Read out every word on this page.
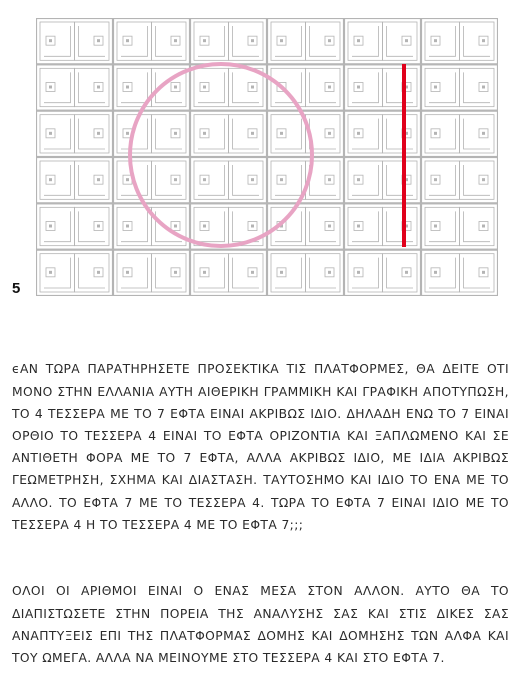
5

ϵΑΝ ΤΩΡΑ ΠΑΡΑΤΗΡΗΣΕΤΕ ΠΡΟΣΕΚΤΙΚΑ ΤΙΣ ΠΛΑΤΦΟΡΜΕΣ, ΘΑ ΔΕΙΤΕ ΟΤΙ ΜΟΝΟ ΣΤΗΝ ΕΛΛΑΝΙΑ ΑΥΤΗ ΑΙΘΕΡΙΚΗ ΓΡΑΜΜΙΚΗ ΚΑΙ ΓΡΑΦΙΚΗ ΑΠΟΤΥΠΩΣΗ, ΤΟ 4 ΤΕΣΣΕΡΑ ΜΕ ΤΟ 7 ΕΦΤΑ ΕΙΝΑΙ ΑΚΡΙΒΩΣ ΙΔΙΟ. ΔΗΛΑΔΗ ΕΝΩ ΤΟ 7 ΕΙΝΑΙ ΟΡΘΙΟ ΤΟ ΤΕΣΣΕΡΑ 4 ΕΙΝΑΙ ΤΟ ΕΦΤΑ ΟΡΙΖΟΝΤΙΑ ΚΑΙ ΞΑΠΛΩΜΕΝΟ ΚΑΙ ΣΕ ΑΝΤΙΘΕΤΗ ΦΟΡΑ ΜΕ ΤΟ 7 ΕΦΤΑ, ΑΛΛΑ ΑΚΡΙΒΩΣ ΙΔΙΟ, ΜΕ ΙΔΙΑ ΑΚΡΙΒΩΣ ΓΕΩΜΕΤΡΗΣΗ, ΣΧΗΜΑ ΚΑΙ ΔΙΑΣΤΑΣΗ. ΤΑΥΤΟΣΗΜΟ ΚΑΙ ΙΔΙΟ ΤΟ ΕΝΑ ΜΕ ΤΟ ΑΛΛΟ. ΤΟ ΕΦΤΑ 7 ΜΕ ΤΟ ΤΕΣΣΕΡΑ 4. ΤΩΡΑ ΤΟ ΕΦΤΑ 7 ΕΙΝΑΙ ΙΔΙΟ ΜΕ ΤΟ ΤΕΣΣΕΡΑ 4 Η ΤΟ ΤΕΣΣΕΡΑ 4 ΜΕ ΤΟ ΕΦΤΑ 7;;;

ΟΛΟΙ ΟΙ ΑΡΙΘΜΟΙ ΕΙΝΑΙ Ο ΕΝΑΣ ΜΕΣΑ ΣΤΟΝ ΑΛΛΟΝ. ΑΥΤΟ ΘΑ ΤΟ ΔΙΑΠΙΣΤΩΣΕΤΕ ΣΤΗΝ ΠΟΡΕΙΑ ΤΗΣ ΑΝΑΛΥΣΗΣ ΣΑΣ ΚΑΙ ΣΤΙΣ ΔΙΚΕΣ ΣΑΣ ΑΝΑΠΤΥΞΕΙΣ ΕΠΙ ΤΗΣ ΠΛΑΤΦΟΡΜΑΣ ΔΟΜΗΣ ΚΑΙ ΔΟΜΗΣΗΣ ΤΩΝ ΑΛΦΑ ΚΑΙ ΤΟΥ ΩΜΕΓΑ. ΑΛΛΑ ΝΑ ΜΕΙΝΟΥΜΕ ΣΤΟ ΤΕΣΣΕΡΑ 4 ΚΑΙ ΣΤΟ ΕΦΤΑ 7.
